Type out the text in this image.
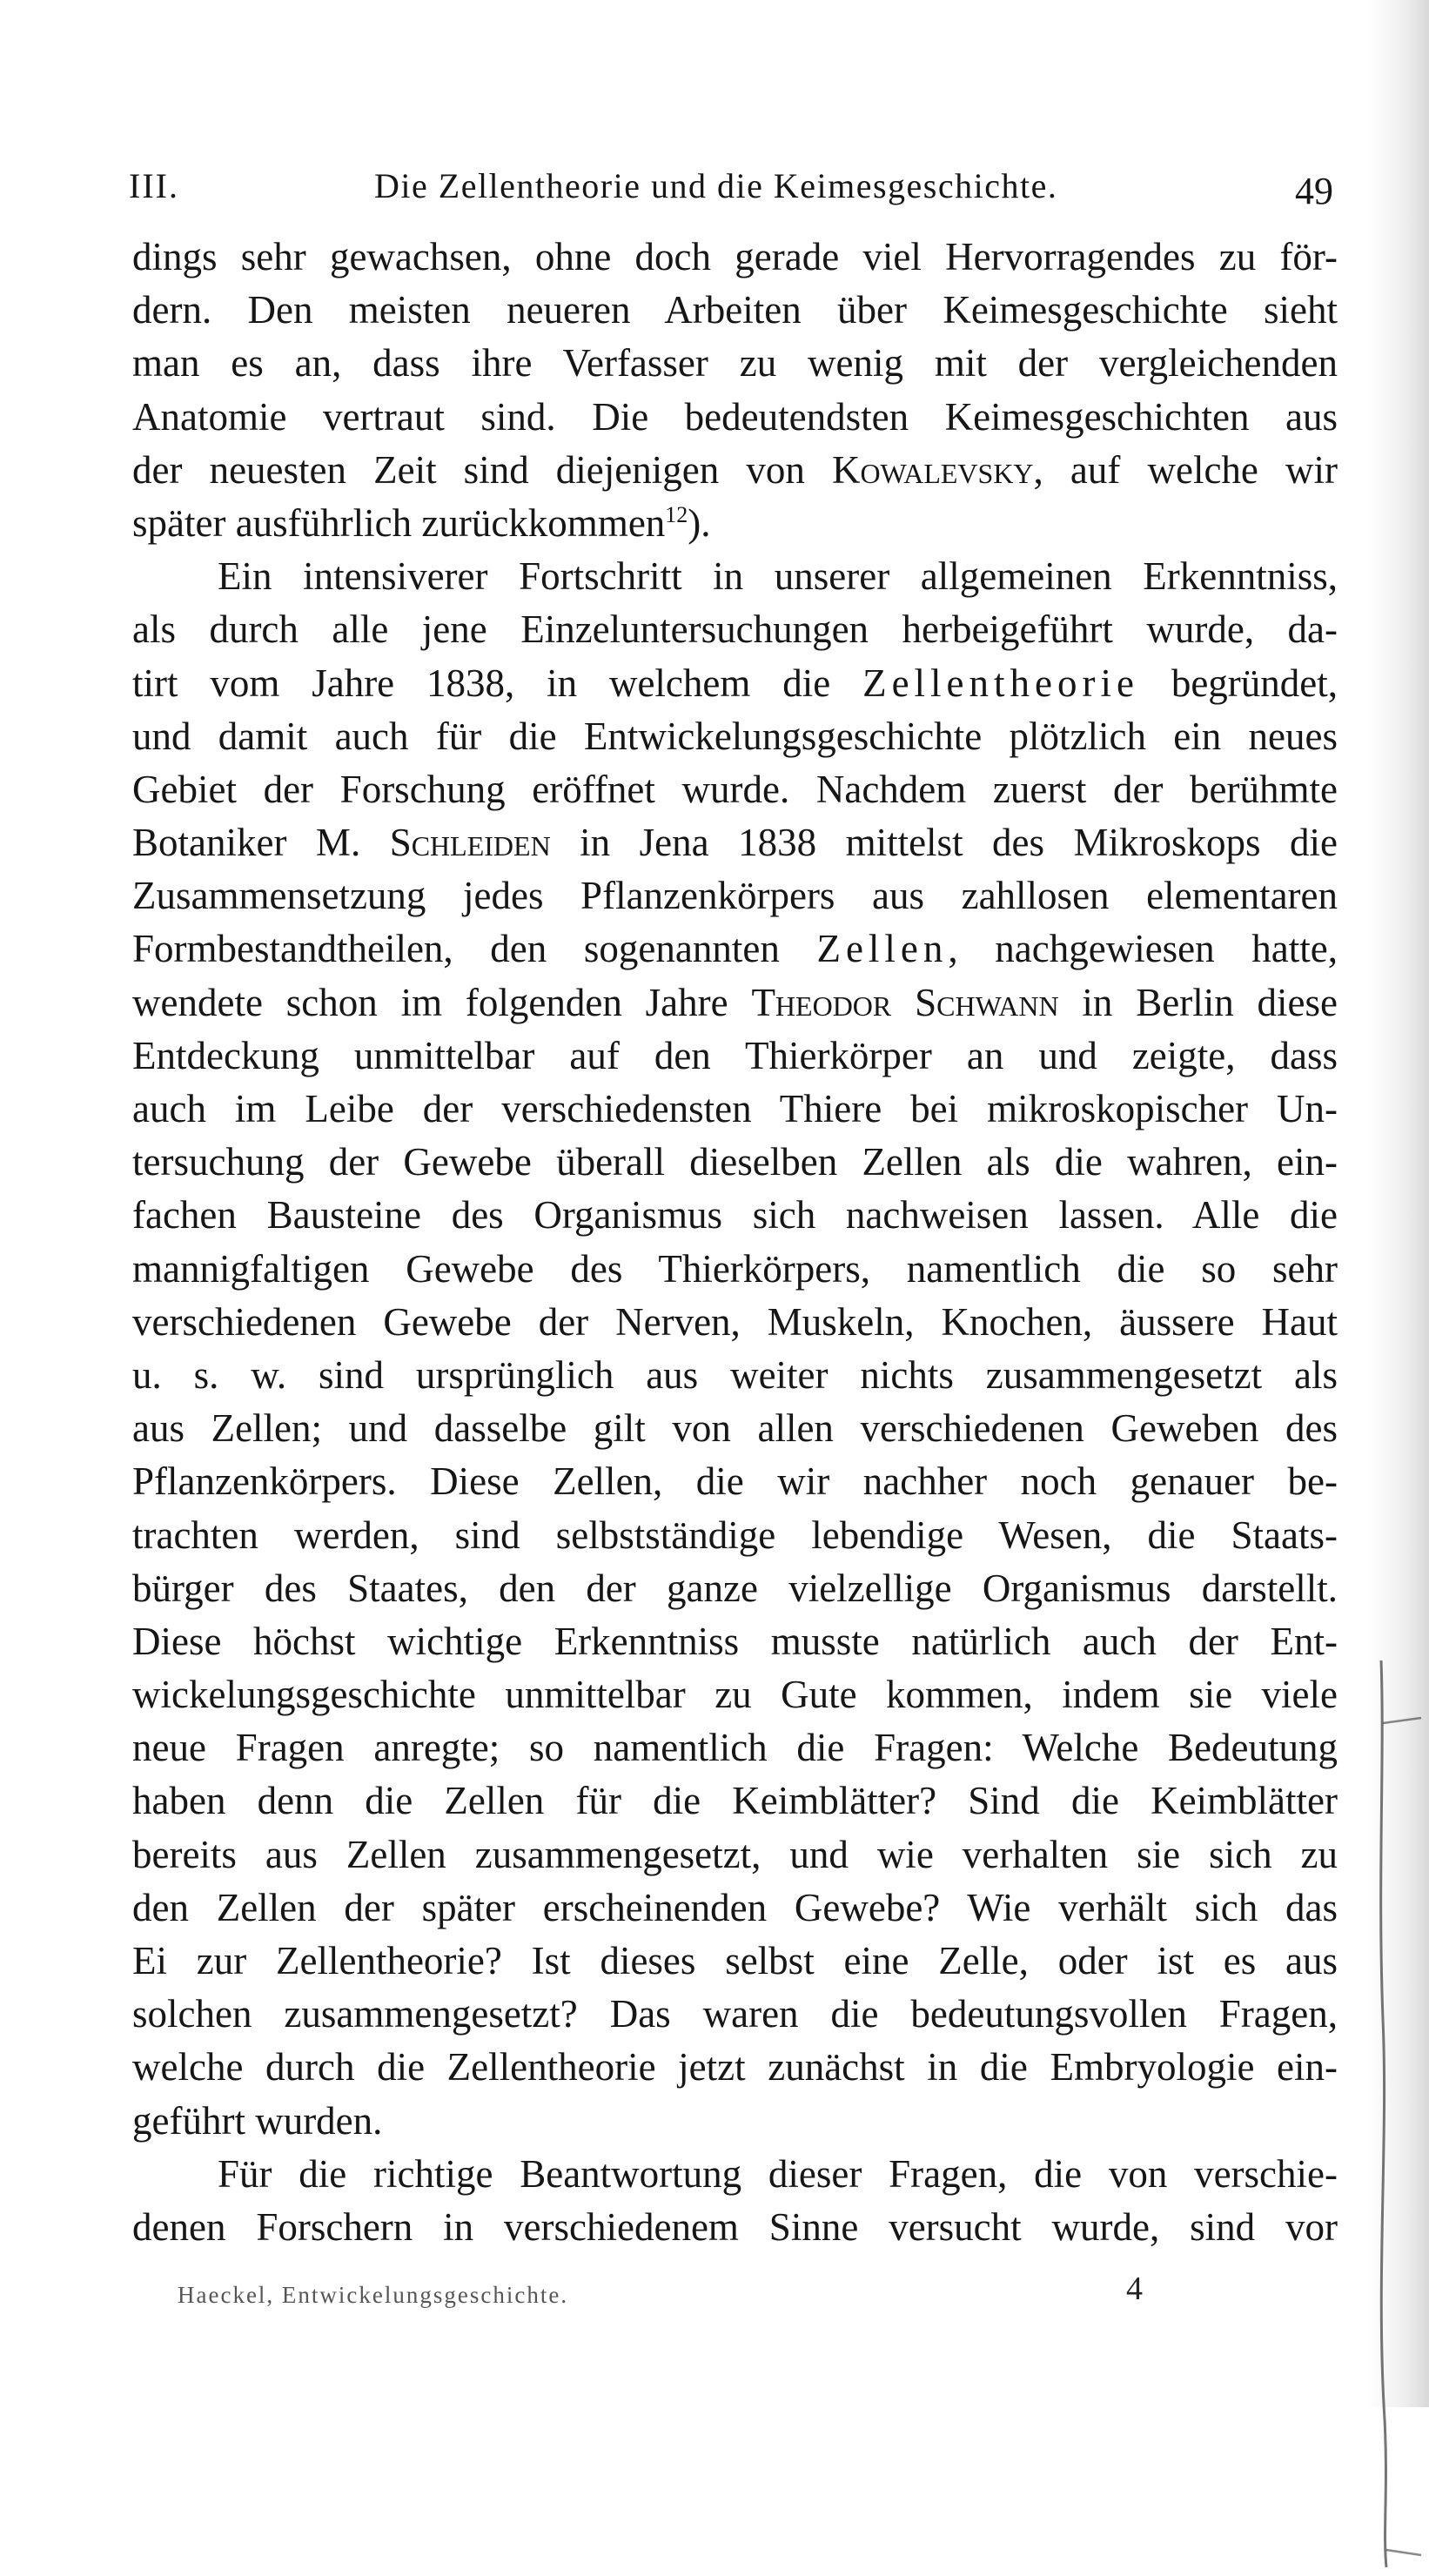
III.	Die Zellentheorie und die Keimesgeschichte.	49
dings sehr gewachsen, ohne doch gerade viel Hervorragendes zu för-
dern. Den meisten neueren Arbeiten über Keimesgeschichte sieht
man es an, dass ihre Verfasser zu wenig mit der vergleichenden
Anatomie vertraut sind. Die bedeutendsten Keimesgeschichten aus
der neuesten Zeit sind diejenigen von Kowalevsky, auf welche wir
später ausführlich zurückkommen$^{12}$).
Ein intensiverer Fortschritt in unserer allgemeinen Erkenntniss,
als durch alle jene Einzeluntersuchungen herbeigeführt wurde, da-
tirt vom Jahre 1838, in welchem die Zellentheorie begründet,
und damit auch für die Entwickelungsgeschichte plötzlich ein neues
Gebiet der Forschung eröffnet wurde. Nachdem zuerst der berühmte
Botaniker M. Schleiden in Jena 1838 mittelst des Mikroskops die
Zusammensetzung jedes Pflanzenkörpers aus zahllosen elementaren
Formbestandtheilen, den sogenannten Zellen, nachgewiesen hatte,
wendete schon im folgenden Jahre Theodor Schwann in Berlin diese
Entdeckung unmittelbar auf den Thierkörper an und zeigte, dass
auch im Leibe der verschiedensten Thiere bei mikroskopischer Un-
tersuchung der Gewebe überall dieselben Zellen als die wahren, ein-
fachen Bausteine des Organismus sich nachweisen lassen. Alle die
mannigfaltigen Gewebe des Thierkörpers, namentlich die so sehr
verschiedenen Gewebe der Nerven, Muskeln, Knochen, äussere Haut
u. s. w. sind ursprünglich aus weiter nichts zusammengesetzt als
aus Zellen; und dasselbe gilt von allen verschiedenen Geweben des
Pflanzenkörpers. Diese Zellen, die wir nachher noch genauer be-
trachten werden, sind selbstständige lebendige Wesen, die Staats-
bürger des Staates, den der ganze vielzellige Organismus darstellt.
Diese höchst wichtige Erkenntniss musste natürlich auch der Ent-
wickelungsgeschichte unmittelbar zu Gute kommen, indem sie viele
neue Fragen anregte; so namentlich die Fragen: Welche Bedeutung
haben denn die Zellen für die Keimblätter? Sind die Keimblätter
bereits aus Zellen zusammengesetzt, und wie verhalten sie sich zu
den Zellen der später erscheinenden Gewebe? Wie verhält sich das
Ei zur Zellentheorie? Ist dieses selbst eine Zelle, oder ist es aus
solchen zusammengesetzt? Das waren die bedeutungsvollen Fragen,
welche durch die Zellentheorie jetzt zunächst in die Embryologie ein-
geführt wurden.
Für die richtige Beantwortung dieser Fragen, die von verschie-
denen Forschern in verschiedenem Sinne versucht wurde, sind vor
Haeckel, Entwickelungsgeschichte.	4
